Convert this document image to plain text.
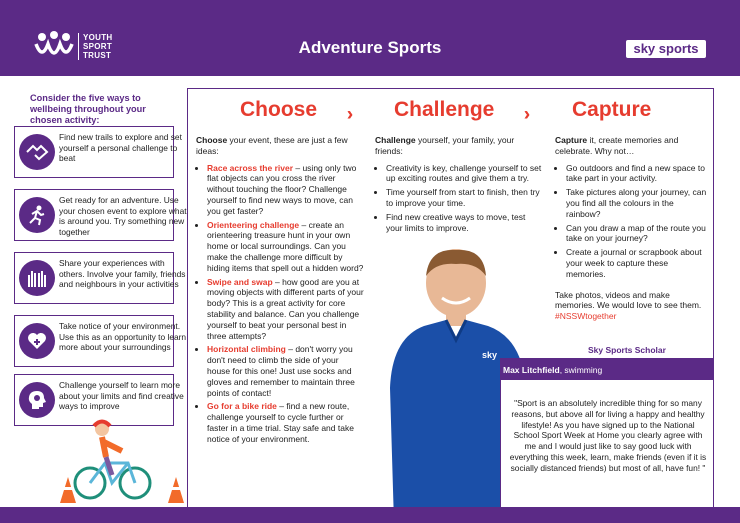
YOUTH
SPORT
TRUST	Adventure Sports	sky sports
Consider the five ways to wellbeing throughout your chosen activity:
Find new trails to explore and set yourself a personal challenge to beat
Get ready for an adventure. Use your chosen event to explore what is around you. Try something new together
Share your experiences with others. Involve your family, friends and neighbours in your activities
Take notice of your environment. Use this as an opportunity to learn more about your surroundings
Challenge yourself to learn more about your limits and find creative ways to improve
Choose	Challenge	Capture

Choose your event, these are just a few ideas:

• Race across the river – using only two flat objects can you cross the river without touching the floor? Challenge yourself to find new ways to move, can you get faster?
• Orienteering challenge – create an orienteering treasure hunt in your own home or local surroundings. Can you make the challenge more difficult by hiding items that spell out a hidden word?
• Swipe and swap – how good are you at moving objects with different parts of your body? This is a great activity for core stability and balance. Can you challenge yourself to beat your personal best in three attempts?
• Horizontal climbing – don't worry you don't need to climb the side of your house for this one! Just use socks and gloves and remember to maintain three points of contact!
• Go for a bike ride – find a new route, challenge yourself to cycle further or faster in a time trial. Stay safe and take notice of your environment.

Challenge yourself, your family, your friends:

• Creativity is key, challenge yourself to set up exciting routes and give them a try.
• Time yourself from start to finish, then try to improve your time.
• Find new creative ways to move, test your limits to improve.

Capture it, create memories and celebrate. Why not…

• Go outdoors and find a new space to take part in your activity.
• Take pictures along your journey, can you find all the colours in the rainbow?
• Can you draw a map of the route you take on your journey?
• Create a journal or scrapbook about your week to capture these memories.

Take photos, videos and make memories. We would love to see them. #NSSWtogether

sky	Sky Sports Scholar
Max Litchfield, swimming
"Sport is an absolutely incredible thing for so many reasons, but above all for living a happy and healthy lifestyle! As you have signed up to the National School Sport Week at Home you clearly agree with me and I would just like to say good luck with everything this week, learn, make friends (even if it is socially distanced friends) but most of all, have fun! "
